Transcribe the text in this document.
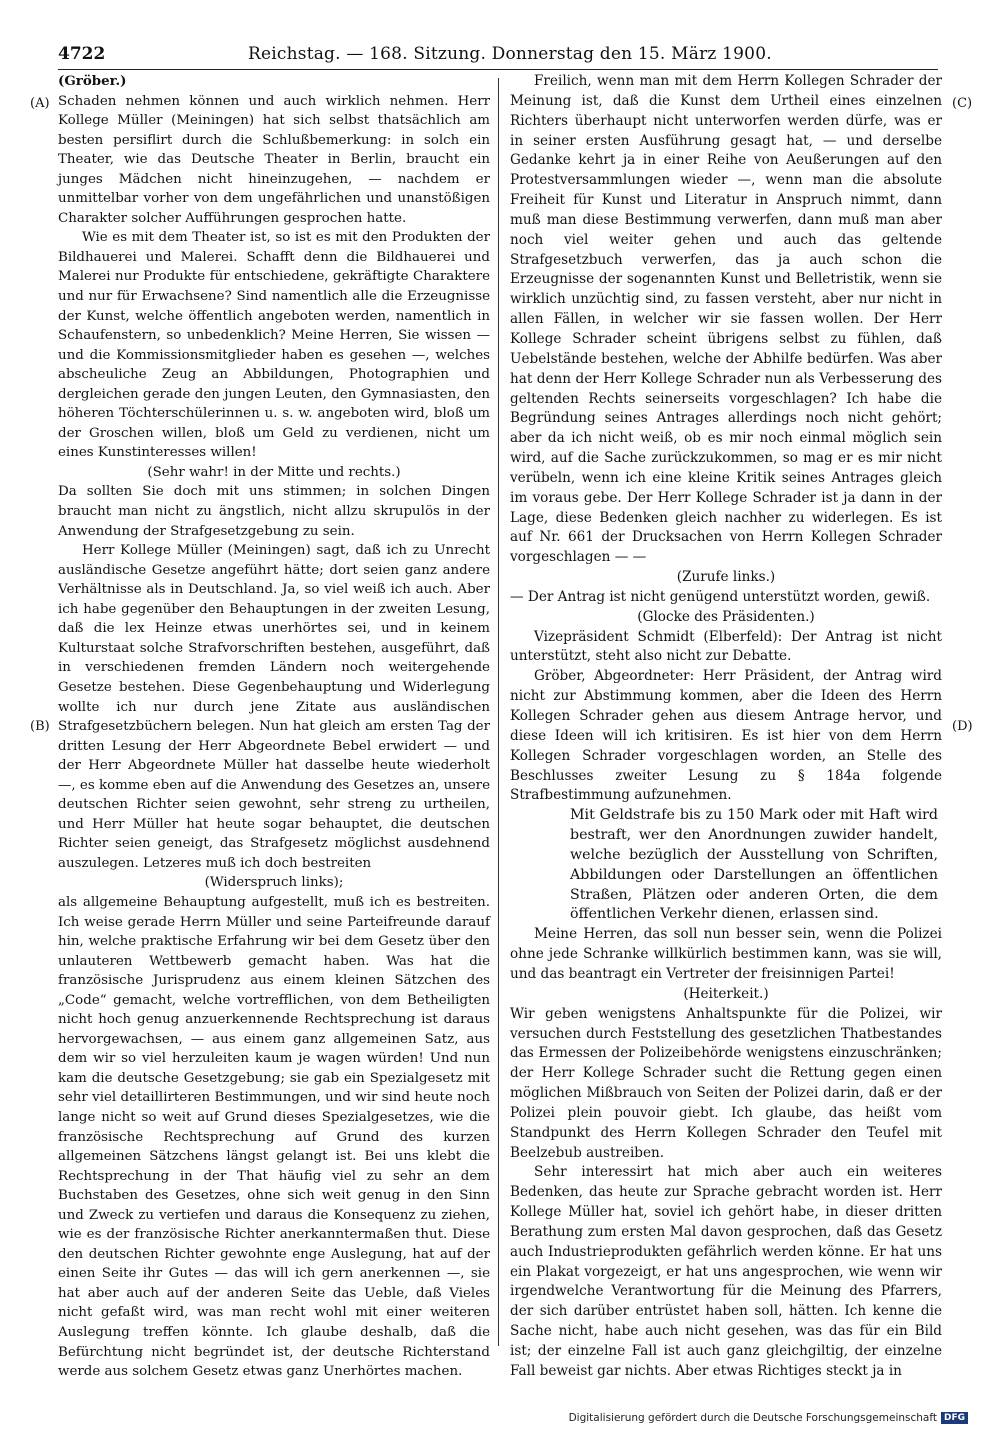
4722	Reichstag. — 168. Sitzung. Donnerstag den 15. März 1900.
(A)
(B)
(C)
(D)

(Gröber.)

Schaden nehmen können und auch wirklich nehmen. Herr Kollege Müller (Meiningen) hat sich selbst thatsächlich am besten persiflirt durch die Schlußbemerkung: in solch ein Theater, wie das Deutsche Theater in Berlin, braucht ein junges Mädchen nicht hineinzugehen, — nachdem er unmittelbar vorher von dem ungefährlichen und unanstößigen Charakter solcher Aufführungen gesprochen hatte.

Wie es mit dem Theater ist, so ist es mit den Produkten der Bildhauerei und Malerei. Schafft denn die Bildhauerei und Malerei nur Produkte für entschiedene, gekräftigte Charaktere und nur für Erwachsene? Sind namentlich alle die Erzeugnisse der Kunst, welche öffentlich angeboten werden, namentlich in Schaufenstern, so unbedenklich? Meine Herren, Sie wissen — und die Kommissionsmitglieder haben es gesehen —, welches abscheuliche Zeug an Abbildungen, Photographien und dergleichen gerade den jungen Leuten, den Gymnasiasten, den höheren Töchterschülerinnen u. s. w. angeboten wird, bloß um der Groschen willen, bloß um Geld zu verdienen, nicht um eines Kunstinteresses willen!

(Sehr wahr! in der Mitte und rechts.)

Da sollten Sie doch mit uns stimmen; in solchen Dingen braucht man nicht zu ängstlich, nicht allzu skrupulös in der Anwendung der Strafgesetzgebung zu sein.

Herr Kollege Müller (Meiningen) sagt, daß ich zu Unrecht ausländische Gesetze angeführt hätte; dort seien ganz andere Verhältnisse als in Deutschland. Ja, so viel weiß ich auch. Aber ich habe gegenüber den Behauptungen in der zweiten Lesung, daß die lex Heinze etwas unerhörtes sei, und in keinem Kulturstaat solche Strafvorschriften bestehen, ausgeführt, daß in verschiedenen fremden Ländern noch weitergehende Gesetze bestehen. Diese Gegenbehauptung und Widerlegung wollte ich nur durch jene Zitate aus ausländischen Strafgesetzbüchern belegen. Nun hat gleich am ersten Tag der dritten Lesung der Herr Abgeordnete Bebel erwidert — und der Herr Abgeordnete Müller hat dasselbe heute wiederholt —, es komme eben auf die Anwendung des Gesetzes an, unsere deutschen Richter seien gewohnt, sehr streng zu urtheilen, und Herr Müller hat heute sogar behauptet, die deutschen Richter seien geneigt, das Strafgesetz möglichst ausdehnend auszulegen. Letzeres muß ich doch bestreiten

(Widerspruch links);

als allgemeine Behauptung aufgestellt, muß ich es bestreiten. Ich weise gerade Herrn Müller und seine Parteifreunde darauf hin, welche praktische Erfahrung wir bei dem Gesetz über den unlauteren Wettbewerb gemacht haben. Was hat die französische Jurisprudenz aus einem kleinen Sätzchen des „Code“ gemacht, welche vortrefflichen, von dem Betheiligten nicht hoch genug anzuerkennende Rechtsprechung ist daraus hervorgewachsen, — aus einem ganz allgemeinen Satz, aus dem wir so viel herzuleiten kaum je wagen würden! Und nun kam die deutsche Gesetzgebung; sie gab ein Spezialgesetz mit sehr viel detaillirteren Bestimmungen, und wir sind heute noch lange nicht so weit auf Grund dieses Spezialgesetzes, wie die französische Rechtsprechung auf Grund des kurzen allgemeinen Sätzchens längst gelangt ist. Bei uns klebt die Rechtsprechung in der That häufig viel zu sehr an dem Buchstaben des Gesetzes, ohne sich weit genug in den Sinn und Zweck zu vertiefen und daraus die Konsequenz zu ziehen, wie es der französische Richter anerkanntermaßen thut. Diese den deutschen Richter gewohnte enge Auslegung, hat auf der einen Seite ihr Gutes — das will ich gern anerkennen —, sie hat aber auch auf der anderen Seite das Ueble, daß Vieles nicht gefaßt wird, was man recht wohl mit einer weiteren Auslegung treffen könnte. Ich glaube deshalb, daß die Befürchtung nicht begründet ist, der deutsche Richterstand werde aus solchem Gesetz etwas ganz Unerhörtes machen.

Freilich, wenn man mit dem Herrn Kollegen Schrader der Meinung ist, daß die Kunst dem Urtheil eines einzelnen Richters überhaupt nicht unterworfen werden dürfe, was er in seiner ersten Ausführung gesagt hat, — und derselbe Gedanke kehrt ja in einer Reihe von Aeußerungen auf den Protestversammlungen wieder —, wenn man die absolute Freiheit für Kunst und Literatur in Anspruch nimmt, dann muß man diese Bestimmung verwerfen, dann muß man aber noch viel weiter gehen und auch das geltende Strafgesetzbuch verwerfen, das ja auch schon die Erzeugnisse der sogenannten Kunst und Belletristik, wenn sie wirklich unzüchtig sind, zu fassen versteht, aber nur nicht in allen Fällen, in welcher wir sie fassen wollen. Der Herr Kollege Schrader scheint übrigens selbst zu fühlen, daß Uebelstände bestehen, welche der Abhilfe bedürfen. Was aber hat denn der Herr Kollege Schrader nun als Verbesserung des geltenden Rechts seinerseits vorgeschlagen? Ich habe die Begründung seines Antrages allerdings noch nicht gehört; aber da ich nicht weiß, ob es mir noch einmal möglich sein wird, auf die Sache zurückzukommen, so mag er es mir nicht verübeln, wenn ich eine kleine Kritik seines Antrages gleich im voraus gebe. Der Herr Kollege Schrader ist ja dann in der Lage, diese Bedenken gleich nachher zu widerlegen. Es ist auf Nr. 661 der Drucksachen von Herrn Kollegen Schrader vorgeschlagen — —

(Zurufe links.)

— Der Antrag ist nicht genügend unterstützt worden, gewiß.

(Glocke des Präsidenten.)

Vizepräsident Schmidt (Elberfeld): Der Antrag ist nicht unterstützt, steht also nicht zur Debatte.

Gröber, Abgeordneter: Herr Präsident, der Antrag wird nicht zur Abstimmung kommen, aber die Ideen des Herrn Kollegen Schrader gehen aus diesem Antrage hervor, und diese Ideen will ich kritisiren. Es ist hier von dem Herrn Kollegen Schrader vorgeschlagen worden, an Stelle des Beschlusses zweiter Lesung zu § 184a folgende Strafbestimmung aufzunehmen.

Mit Geldstrafe bis zu 150 Mark oder mit Haft wird bestraft, wer den Anordnungen zuwider handelt, welche bezüglich der Ausstellung von Schriften, Abbildungen oder Darstellungen an öffentlichen Straßen, Plätzen oder anderen Orten, die dem öffentlichen Verkehr dienen, erlassen sind.

Meine Herren, das soll nun besser sein, wenn die Polizei ohne jede Schranke willkürlich bestimmen kann, was sie will, und das beantragt ein Vertreter der freisinnigen Partei!

(Heiterkeit.)

Wir geben wenigstens Anhaltspunkte für die Polizei, wir versuchen durch Feststellung des gesetzlichen Thatbestandes das Ermessen der Polizeibehörde wenigstens einzuschränken; der Herr Kollege Schrader sucht die Rettung gegen einen möglichen Mißbrauch von Seiten der Polizei darin, daß er der Polizei plein pouvoir giebt. Ich glaube, das heißt vom Standpunkt des Herrn Kollegen Schrader den Teufel mit Beelzebub austreiben.

Sehr interessirt hat mich aber auch ein weiteres Bedenken, das heute zur Sprache gebracht worden ist. Herr Kollege Müller hat, soviel ich gehört habe, in dieser dritten Berathung zum ersten Mal davon gesprochen, daß das Gesetz auch Industrieprodukten gefährlich werden könne. Er hat uns ein Plakat vorgezeigt, er hat uns angesprochen, wie wenn wir irgendwelche Verantwortung für die Meinung des Pfarrers, der sich darüber entrüstet haben soll, hätten. Ich kenne die Sache nicht, habe auch nicht gesehen, was das für ein Bild ist; der einzelne Fall ist auch ganz gleichgiltig, der einzelne Fall beweist gar nichts. Aber etwas Richtiges steckt ja in

Digitalisierung gefördert durch die Deutsche Forschungsgemeinschaft DFG
